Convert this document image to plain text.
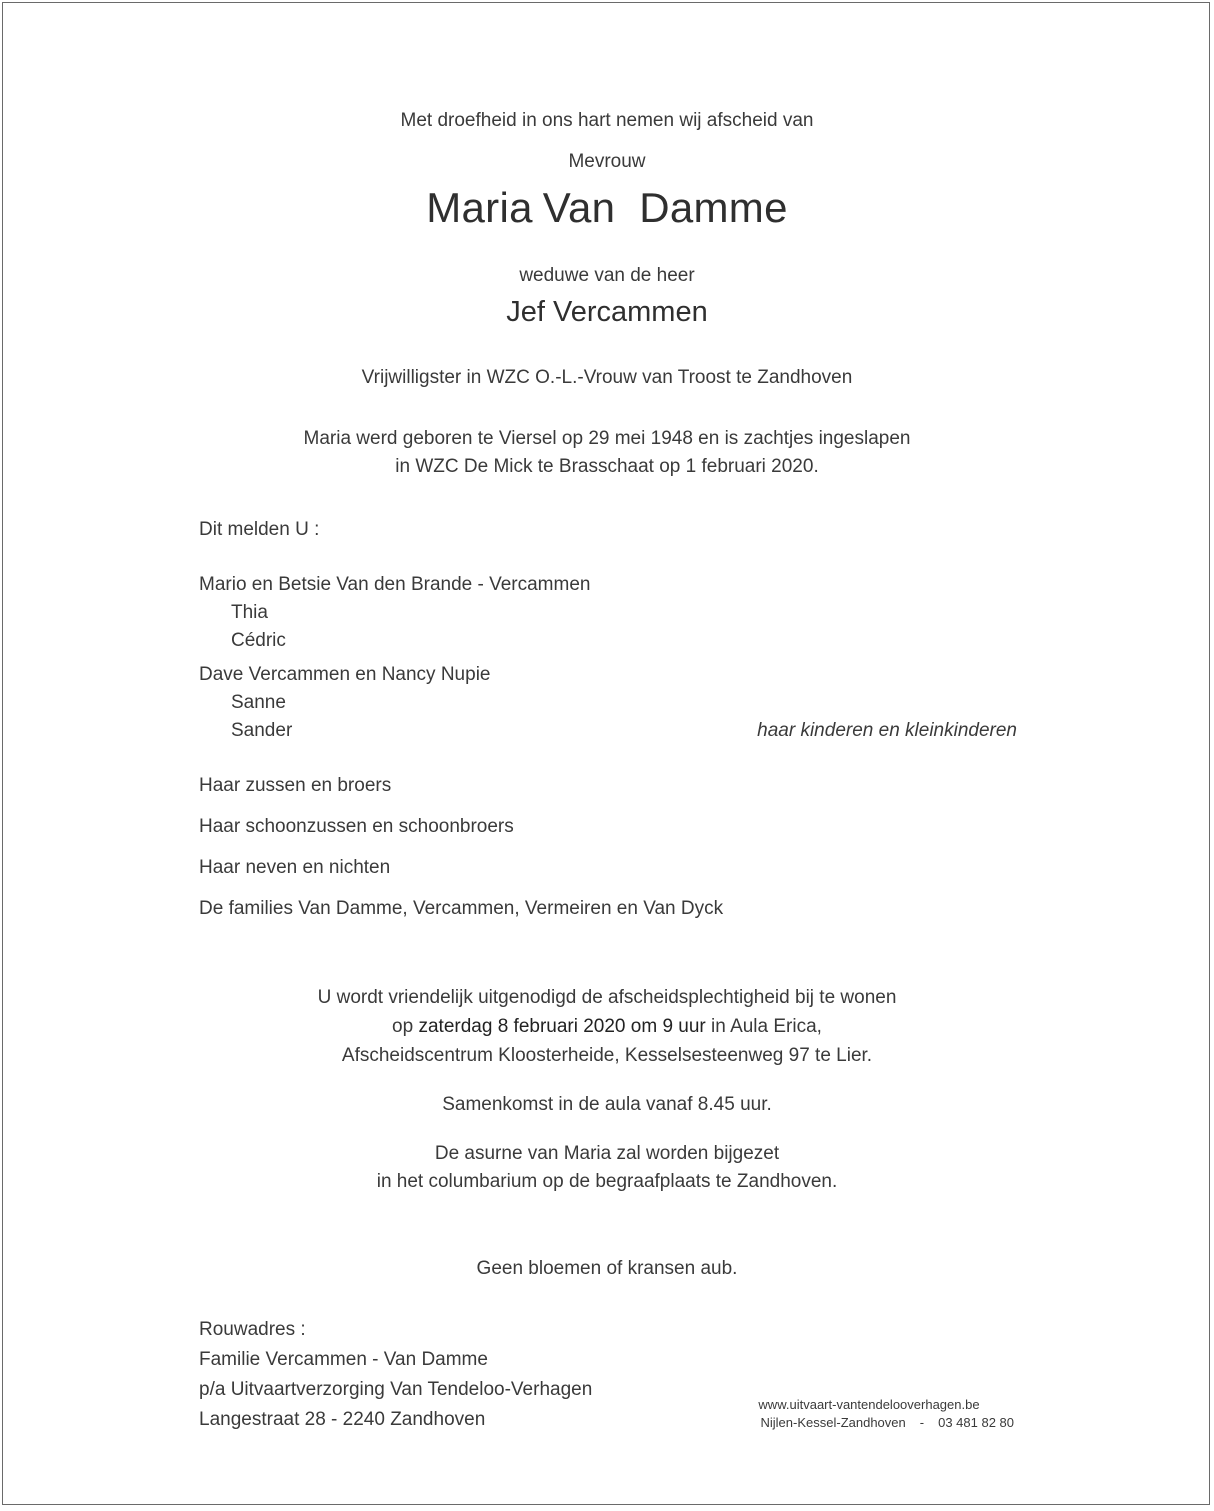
Met droefheid in ons hart nemen wij afscheid van
Mevrouw
Maria Van  Damme
weduwe van de heer
Jef Vercammen
Vrijwilligster in WZC O.-L.-Vrouw van Troost te Zandhoven
Maria werd geboren te Viersel op 29 mei 1948 en is zachtjes ingeslapen
in WZC De Mick te Brasschaat op 1 februari 2020.
Dit melden U :
Mario en Betsie Van den Brande - Vercammen
Thia
Cédric
Dave Vercammen en Nancy Nupie
Sanne
Sander	haar kinderen en kleinkinderen
Haar zussen en broers
Haar schoonzussen en schoonbroers
Haar neven en nichten
De families Van Damme, Vercammen, Vermeiren en Van Dyck
U wordt vriendelijk uitgenodigd de afscheidsplechtigheid bij te wonen
op zaterdag 8 februari 2020 om 9 uur in Aula Erica,
Afscheidscentrum Kloosterheide, Kesselsesteenweg 97 te Lier.
Samenkomst in de aula vanaf 8.45 uur.
De asurne van Maria zal worden bijgezet
in het columbarium op de begraafplaats te Zandhoven.
Geen bloemen of kransen aub.
Rouwadres :
Familie Vercammen - Van Damme
p/a Uitvaartverzorging Van Tendeloo-Verhagen
Langestraat 28 - 2240 Zandhoven
www.uitvaart-vantendelooverhagen.be
Nijlen-Kessel-Zandhoven - 03 481 82 80
